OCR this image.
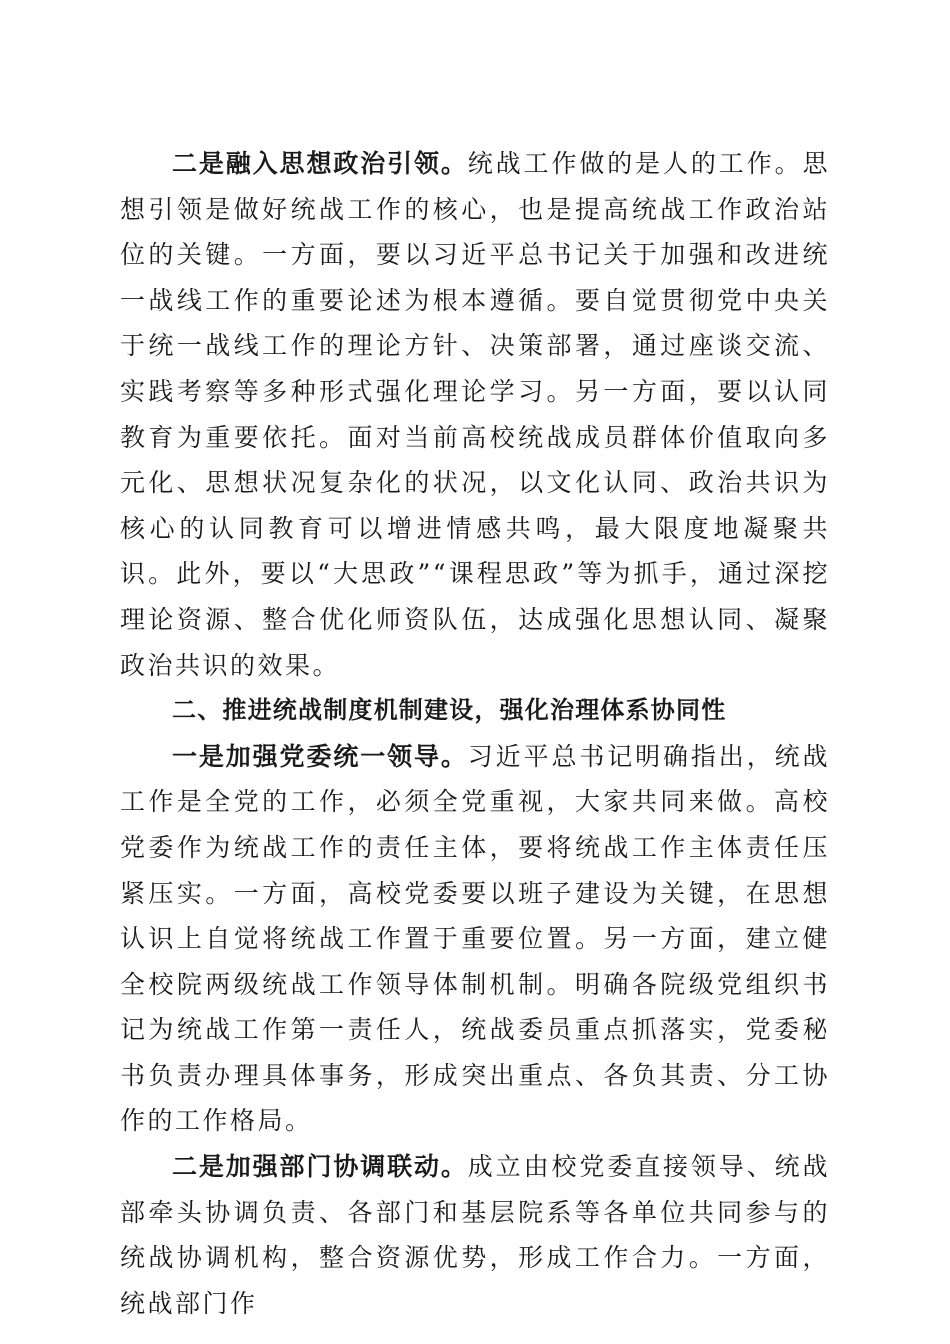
二是融入思想政治引领。统战工作做的是人的工作。思想引领是做好统战工作的核心，也是提高统战工作政治站位的关键。一方面，要以习近平总书记关于加强和改进统一战线工作的重要论述为根本遵循。要自觉贯彻党中央关于统一战线工作的理论方针、决策部署，通过座谈交流、实践考察等多种形式强化理论学习。另一方面，要以认同教育为重要依托。面对当前高校统战成员群体价值取向多元化、思想状况复杂化的状况，以文化认同、政治共识为核心的认同教育可以增进情感共鸣，最大限度地凝聚共识。此外，要以“大思政”“课程思政”等为抓手，通过深挖理论资源、整合优化师资队伍，达成强化思想认同、凝聚政治共识的效果。

二、推进统战制度机制建设，强化治理体系协同性

一是加强党委统一领导。习近平总书记明确指出，统战工作是全党的工作，必须全党重视，大家共同来做。高校党委作为统战工作的责任主体，要将统战工作主体责任压紧压实。一方面，高校党委要以班子建设为关键，在思想认识上自觉将统战工作置于重要位置。另一方面，建立健全校院两级统战工作领导体制机制。明确各院级党组织书记为统战工作第一责任人，统战委员重点抓落实，党委秘书负责办理具体事务，形成突出重点、各负其责、分工协作的工作格局。

二是加强部门协调联动。成立由校党委直接领导、统战部牵头协调负责、各部门和基层院系等各单位共同参与的统战协调机构，整合资源优势，形成工作合力。一方面，统战部门作
